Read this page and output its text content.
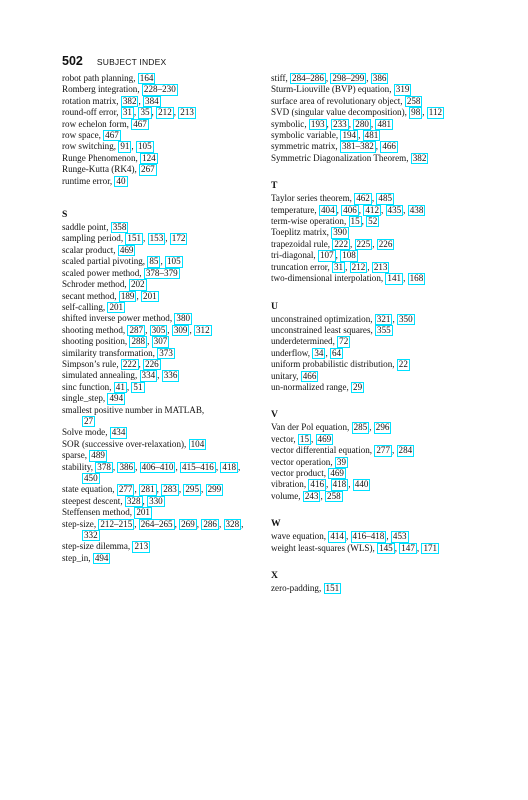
502 SUBJECT INDEX
robot path planning, 164
Romberg integration, 228–230
rotation matrix, 382 , 384
round-off error, 31 , 35 , 212 , 213
row echelon form, 467
row space, 467
row switching, 91 , 105
Runge Phenomenon, 124
Runge-Kutta (RK4), 267
runtime error, 40
S
saddle point, 358
sampling period, 151 , 153 , 172
scalar product, 469
scaled partial pivoting, 85 , 105
scaled power method, 378–379
Schroder method, 202
secant method, 189 , 201
self-calling, 201
shifted inverse power method, 380
shooting method, 287 , 305 , 309 , 312
shooting position, 288 , 307
similarity transformation, 373
Simpson’s rule, 222 , 226
simulated annealing, 334 , 336
sinc function, 41 , 51
single_step, 494
smallest positive number in MATLAB,
27
Solve mode, 434
SOR (successive over-relaxation), 104
sparse, 489
stability, 378 , 386 , 406–410 , 415–416 , 418 ,
450
state equation, 277 , 281 , 283 , 295 , 299
steepest descent, 328 , 330
Steffensen method, 201
step-size, 212–215 , 264–265 , 269 , 286 , 328 ,
332
step-size dilemma, 213
step_in, 494
stiff, 284–286 , 298–299 , 386
Sturm-Liouville (BVP) equation, 319
surface area of revolutionary object, 258
SVD (singular value decomposition), 98 , 112
symbolic, 193 , 233 , 280 , 481
symbolic variable, 194 , 481
symmetric matrix, 381–382 , 466
Symmetric Diagonalization Theorem, 382
T
Taylor series theorem, 462 , 485
temperature, 404 , 406 , 412 , 435 , 438
term-wise operation, 15 , 52
Toeplitz matrix, 390
trapezoidal rule, 222 , 225 , 226
tri-diagonal, 107 , 108
truncation error, 31 , 212 , 213
two-dimensional interpolation, 141 , 168
U
unconstrained optimization, 321 , 350
unconstrained least squares, 355
underdetermined, 72
underflow, 34 , 64
uniform probabilistic distribution, 22
unitary, 466
un-normalized range, 29
V
Van der Pol equation, 285 , 296
vector, 15 , 469
vector differential equation, 277 , 284
vector operation, 39
vector product, 469
vibration, 416 , 418 , 440
volume, 243 , 258
W
wave equation, 414 , 416–418 , 453
weight least-squares (WLS), 145 , 147 , 171
X
zero-padding, 151
